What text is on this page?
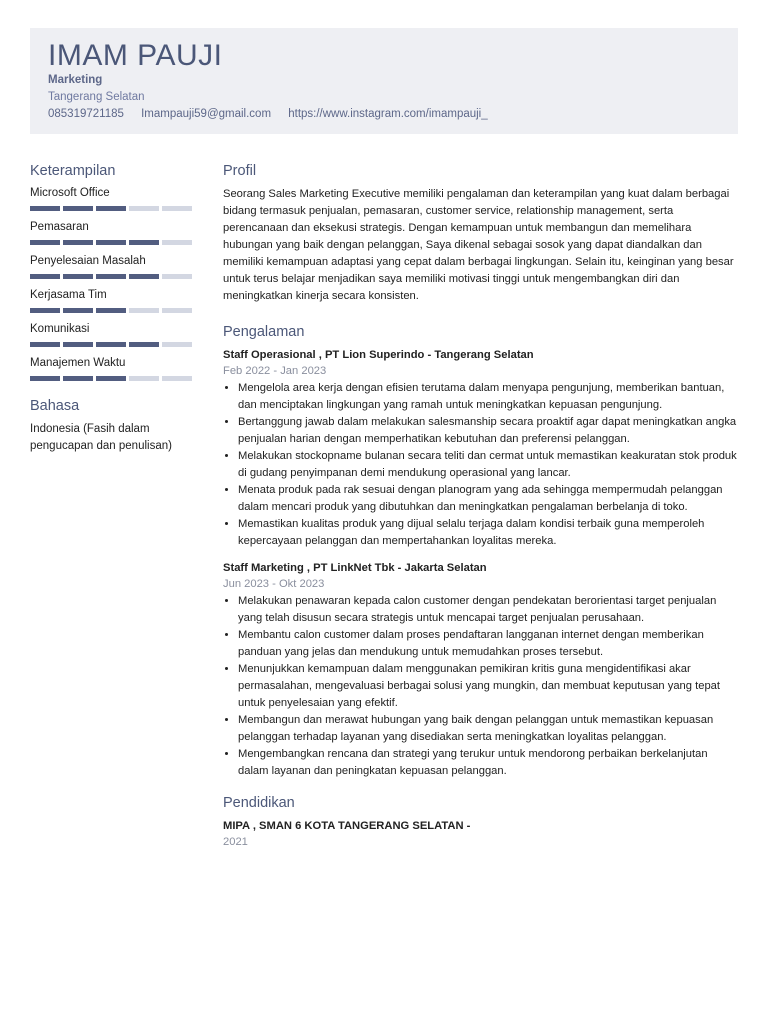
IMAM PAUJI
Marketing
Tangerang Selatan
085319721185 Imampauji59@gmail.com https://www.instagram.com/imampauji_
Keterampilan
Microsoft Office
Pemasaran
Penyelesaian Masalah
Kerjasama Tim
Komunikasi
Manajemen Waktu
Bahasa
Indonesia (Fasih dalam pengucapan dan penulisan)
Profil

Seorang Sales Marketing Executive memiliki pengalaman dan keterampilan yang kuat dalam berbagai bidang termasuk penjualan, pemasaran, customer service, relationship management, serta perencanaan dan eksekusi strategis. Dengan kemampuan untuk membangun dan memelihara hubungan yang baik dengan pelanggan, Saya dikenal sebagai sosok yang dapat diandalkan dan memiliki kemampuan adaptasi yang cepat dalam berbagai lingkungan. Selain itu, keinginan yang besar untuk terus belajar menjadikan saya memiliki motivasi tinggi untuk mengembangkan diri dan meningkatkan kinerja secara konsisten.

Pengalaman
Staff Operasional , PT Lion Superindo - Tangerang Selatan
Feb 2022 - Jan 2023
• Mengelola area kerja dengan efisien terutama dalam menyapa pengunjung, memberikan bantuan, dan menciptakan lingkungan yang ramah untuk meningkatkan kepuasan pengunjung.
• Bertanggung jawab dalam melakukan salesmanship secara proaktif agar dapat meningkatkan angka penjualan harian dengan memperhatikan kebutuhan dan preferensi pelanggan.
• Melakukan stockopname bulanan secara teliti dan cermat untuk memastikan keakuratan stok produk di gudang penyimpanan demi mendukung operasional yang lancar.
• Menata produk pada rak sesuai dengan planogram yang ada sehingga mempermudah pelanggan dalam mencari produk yang dibutuhkan dan meningkatkan pengalaman berbelanja di toko.
• Memastikan kualitas produk yang dijual selalu terjaga dalam kondisi terbaik guna memperoleh kepercayaan pelanggan dan mempertahankan loyalitas mereka.
Staff Marketing , PT LinkNet Tbk - Jakarta Selatan
Jun 2023 - Okt 2023
• Melakukan penawaran kepada calon customer dengan pendekatan berorientasi target penjualan yang telah disusun secara strategis untuk mencapai target penjualan perusahaan.
• Membantu calon customer dalam proses pendaftaran langganan internet dengan memberikan panduan yang jelas dan mendukung untuk memudahkan proses tersebut.
• Menunjukkan kemampuan dalam menggunakan pemikiran kritis guna mengidentifikasi akar permasalahan, mengevaluasi berbagai solusi yang mungkin, dan membuat keputusan yang tepat untuk penyelesaian yang efektif.
• Membangun dan merawat hubungan yang baik dengan pelanggan untuk memastikan kepuasan pelanggan terhadap layanan yang disediakan serta meningkatkan loyalitas pelanggan.
• Mengembangkan rencana dan strategi yang terukur untuk mendorong perbaikan berkelanjutan dalam layanan dan peningkatan kepuasan pelanggan.
Pendidikan
MIPA , SMAN 6 KOTA TANGERANG SELATAN -
2021
